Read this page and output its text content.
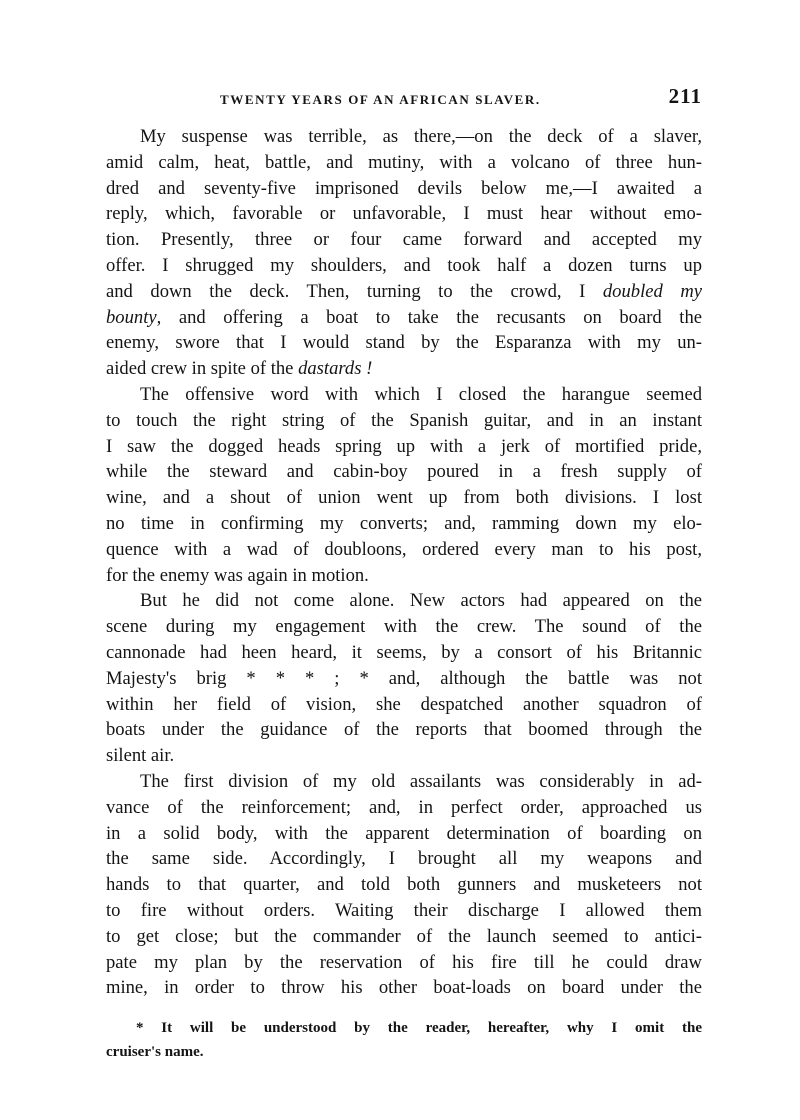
TWENTY YEARS OF AN AFRICAN SLAVER.	211
My suspense was terrible, as there,—on the deck of a slaver,
amid calm, heat, battle, and mutiny, with a volcano of three hun-
dred and seventy-five imprisoned devils below me,—I awaited a
reply, which, favorable or unfavorable, I must hear without emo-
tion. Presently, three or four came forward and accepted my
offer. I shrugged my shoulders, and took half a dozen turns up
and down the deck. Then, turning to the crowd, I doubled my
bounty, and offering a boat to take the recusants on board the
enemy, swore that I would stand by the Esparanza with my un-
aided crew in spite of the dastards !
The offensive word with which I closed the harangue seemed
to touch the right string of the Spanish guitar, and in an instant
I saw the dogged heads spring up with a jerk of mortified pride,
while the steward and cabin-boy poured in a fresh supply of
wine, and a shout of union went up from both divisions. I lost
no time in confirming my converts; and, ramming down my elo-
quence with a wad of doubloons, ordered every man to his post,
for the enemy was again in motion.
But he did not come alone. New actors had appeared on the
scene during my engagement with the crew. The sound of the
cannonade had heen heard, it seems, by a consort of his Britannic
Majesty's brig * * * ; * and, although the battle was not
within her field of vision, she despatched another squadron of
boats under the guidance of the reports that boomed through the
silent air.
The first division of my old assailants was considerably in ad-
vance of the reinforcement; and, in perfect order, approached us
in a solid body, with the apparent determination of boarding on
the same side. Accordingly, I brought all my weapons and
hands to that quarter, and told both gunners and musketeers not
to fire without orders. Waiting their discharge I allowed them
to get close; but the commander of the launch seemed to antici-
pate my plan by the reservation of his fire till he could draw
mine, in order to throw his other boat-loads on board under the
* It will be understood by the reader, hereafter, why I omit the
cruiser's name.
